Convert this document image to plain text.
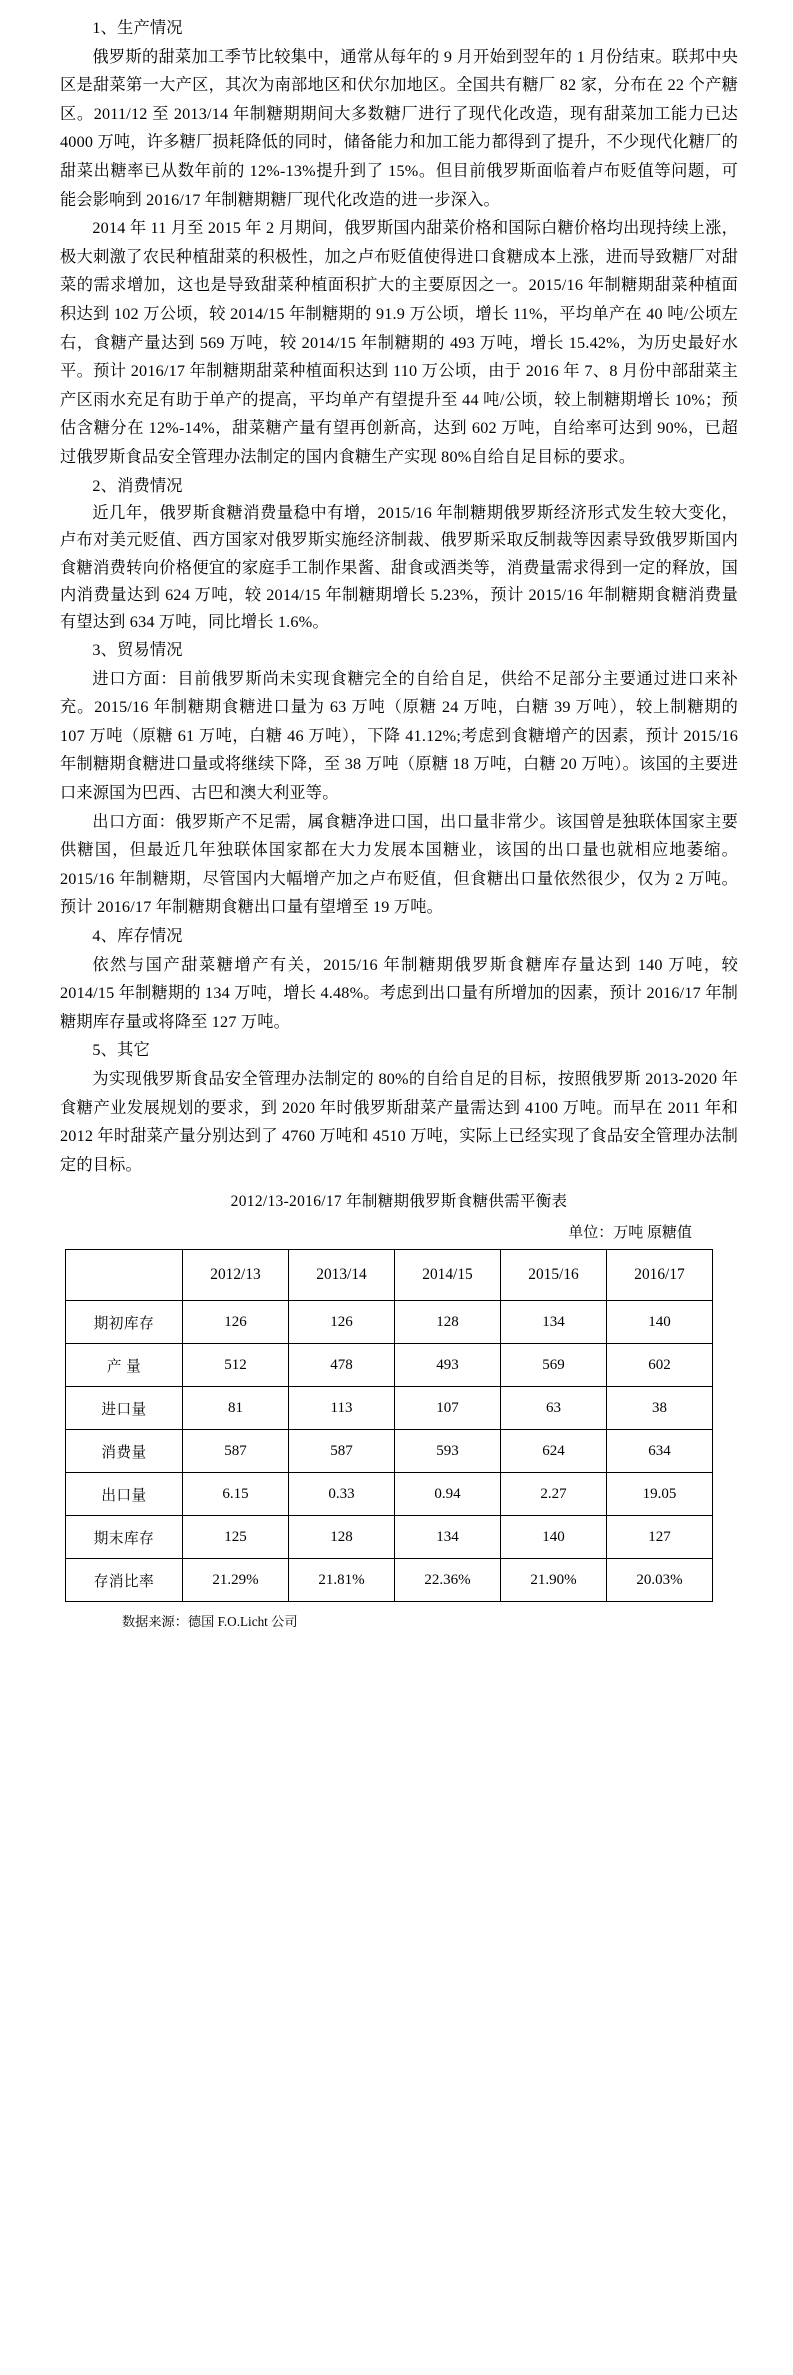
1、生产情况

俄罗斯的甜菜加工季节比较集中，通常从每年的 9 月开始到翌年的 1 月份结束。联邦中央区是甜菜第一大产区，其次为南部地区和伏尔加地区。全国共有糖厂 82 家，分布在 22 个产糖区。2011/12 至 2013/14 年制糖期期间大多数糖厂进行了现代化改造，现有甜菜加工能力已达 4000 万吨，许多糖厂损耗降低的同时，储备能力和加工能力都得到了提升，不少现代化糖厂的甜菜出糖率已从数年前的 12%-13%提升到了 15%。但目前俄罗斯面临着卢布贬值等问题，可能会影响到 2016/17 年制糖期糖厂现代化改造的进一步深入。

2014 年 11 月至 2015 年 2 月期间，俄罗斯国内甜菜价格和国际白糖价格均出现持续上涨，极大刺激了农民种植甜菜的积极性，加之卢布贬值使得进口食糖成本上涨，进而导致糖厂对甜菜的需求增加，这也是导致甜菜种植面积扩大的主要原因之一。2015/16 年制糖期甜菜种植面积达到 102 万公顷，较 2014/15 年制糖期的 91.9 万公顷，增长 11%，平均单产在 40 吨/公顷左右，食糖产量达到 569 万吨，较 2014/15 年制糖期的 493 万吨，增长 15.42%，为历史最好水平。预计 2016/17 年制糖期甜菜种植面积达到 110 万公顷，由于 2016 年 7、8 月份中部甜菜主产区雨水充足有助于单产的提高，平均单产有望提升至 44 吨/公顷，较上制糖期增长 10%；预估含糖分在 12%-14%，甜菜糖产量有望再创新高，达到 602 万吨，自给率可达到 90%，已超过俄罗斯食品安全管理办法制定的国内食糖生产实现 80%自给自足目标的要求。

2、消费情况

近几年，俄罗斯食糖消费量稳中有增，2015/16 年制糖期俄罗斯经济形式发生较大变化，卢布对美元贬值、西方国家对俄罗斯实施经济制裁、俄罗斯采取反制裁等因素导致俄罗斯国内食糖消费转向价格便宜的家庭手工制作果酱、甜食或酒类等，消费量需求得到一定的释放，国内消费量达到 624 万吨，较 2014/15 年制糖期增长 5.23%，预计 2015/16 年制糖期食糖消费量有望达到 634 万吨，同比增长 1.6%。

3、贸易情况

进口方面：目前俄罗斯尚未实现食糖完全的自给自足，供给不足部分主要通过进口来补充。2015/16 年制糖期食糖进口量为 63 万吨（原糖 24 万吨，白糖 39 万吨），较上制糖期的 107 万吨（原糖 61 万吨，白糖 46 万吨），下降 41.12%;考虑到食糖增产的因素，预计 2015/16 年制糖期食糖进口量或将继续下降，至 38 万吨（原糖 18 万吨，白糖 20 万吨）。该国的主要进口来源国为巴西、古巴和澳大利亚等。

出口方面：俄罗斯产不足需，属食糖净进口国，出口量非常少。该国曾是独联体国家主要供糖国，但最近几年独联体国家都在大力发展本国糖业，该国的出口量也就相应地萎缩。2015/16 年制糖期，尽管国内大幅增产加之卢布贬值，但食糖出口量依然很少，仅为 2 万吨。预计 2016/17 年制糖期食糖出口量有望增至 19 万吨。

4、库存情况

依然与国产甜菜糖增产有关，2015/16 年制糖期俄罗斯食糖库存量达到 140 万吨，较 2014/15 年制糖期的 134 万吨，增长 4.48%。考虑到出口量有所增加的因素，预计 2016/17 年制糖期库存量或将降至 127 万吨。

5、其它

为实现俄罗斯食品安全管理办法制定的 80%的自给自足的目标，按照俄罗斯 2013-2020 年食糖产业发展规划的要求，到 2020 年时俄罗斯甜菜产量需达到 4100 万吨。而早在 2011 年和 2012 年时甜菜产量分别达到了 4760 万吨和 4510 万吨，实际上已经实现了食品安全管理办法制定的目标。

2012/13-2016/17 年制糖期俄罗斯食糖供需平衡表

单位：万吨 原糖值

	2012/13	2013/14	2014/15	2015/16	2016/17
期初库存	126	126	128	134	140
产 量	512	478	493	569	602
进口量	81	113	107	63	38
消费量	587	587	593	624	634
出口量	6.15	0.33	0.94	2.27	19.05
期末库存	125	128	134	140	127
存消比率	21.29%	21.81%	22.36%	21.90%	20.03%

数据来源：德国 F.O.Licht 公司
